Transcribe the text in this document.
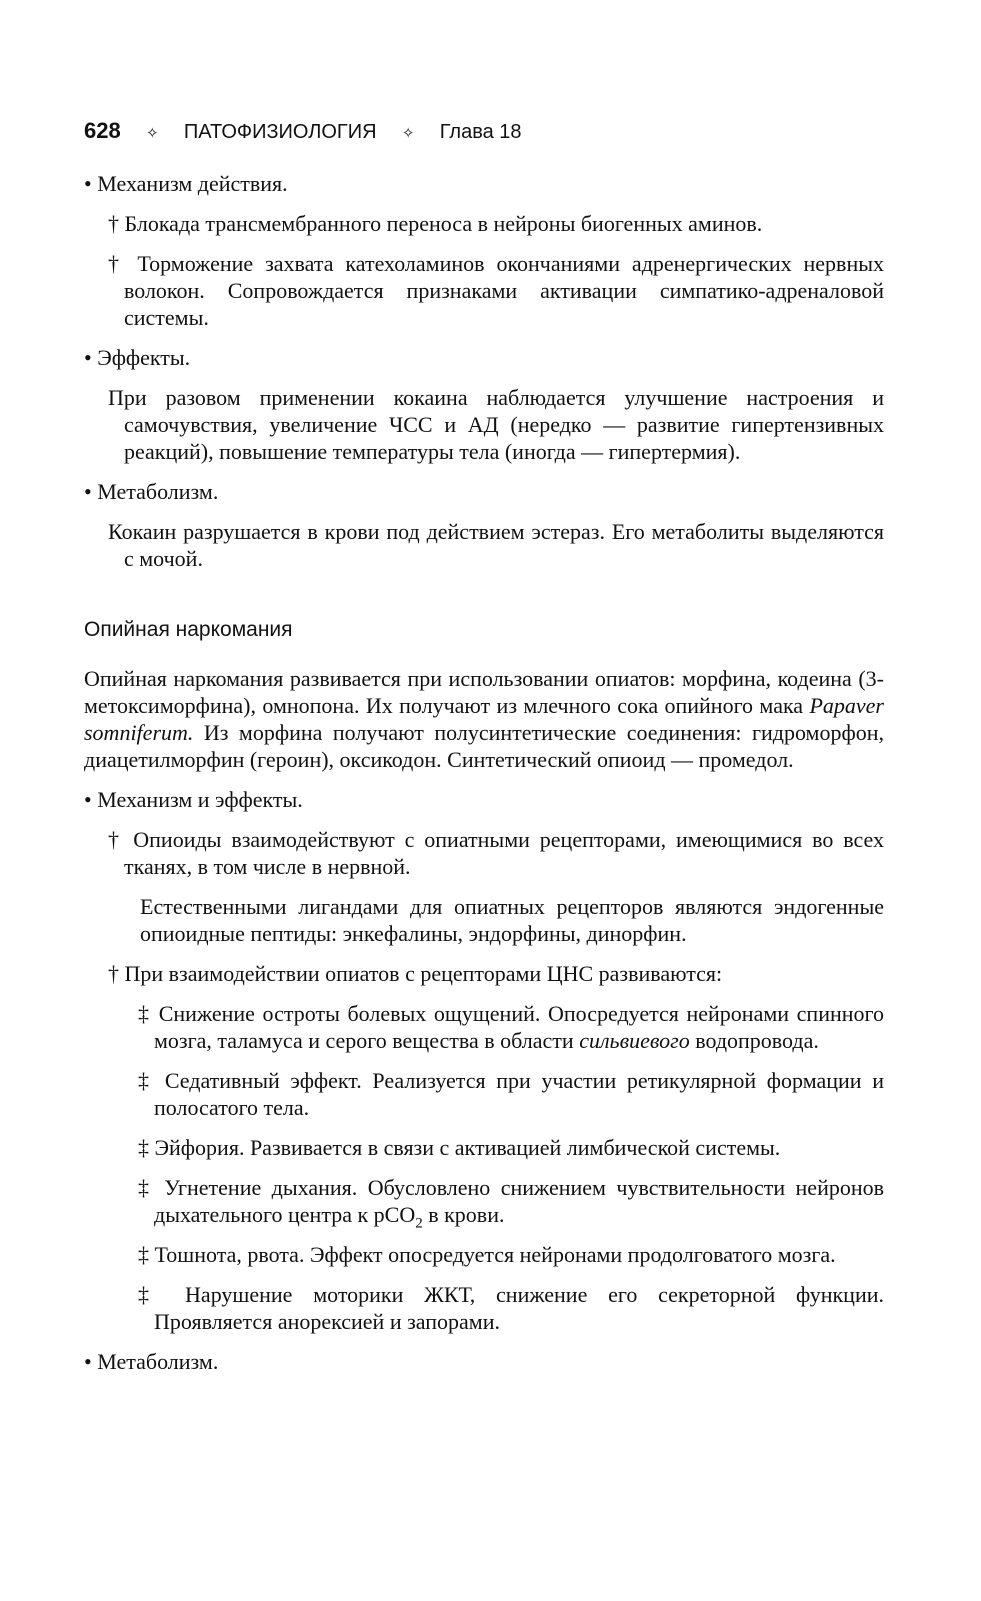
628 ✧ ПАТОФИЗИОЛОГИЯ ✧ Глава 18

• Механизм действия.

† Блокада трансмембранного переноса в нейроны биогенных аминов.

† Торможение захвата катехоламинов окончаниями адренергических нервных волокон. Сопровождается признаками активации симпатико-адреналовой системы.

• Эффекты.

При разовом применении кокаина наблюдается улучшение настроения и самочувствия, увеличение ЧСС и АД (нередко — развитие гипертензивных реакций), повышение температуры тела (иногда — гипертермия).

• Метаболизм.

Кокаин разрушается в крови под действием эстераз. Его метаболиты выделяются с мочой.

Опийная наркомания

Опийная наркомания развивается при использовании опиатов: морфина, кодеина (3-метоксиморфина), омнопона. Их получают из млечного сока опийного мака Papaver somniferum. Из морфина получают полусинтетические соединения: гидроморфон, диацетилморфин (героин), оксикодон. Синтетический опиоид — промедол.

• Механизм и эффекты.

† Опиоиды взаимодействуют с опиатными рецепторами, имеющимися во всех тканях, в том числе в нервной.

Естественными лигандами для опиатных рецепторов являются эндогенные опиоидные пептиды: энкефалины, эндорфины, динорфин.

† При взаимодействии опиатов с рецепторами ЦНС развиваются:

‡ Снижение остроты болевых ощущений. Опосредуется нейронами спинного мозга, таламуса и серого вещества в области сильвиевого водопровода.

‡ Седативный эффект. Реализуется при участии ретикулярной формации и полосатого тела.

‡ Эйфория. Развивается в связи с активацией лимбической системы.

‡ Угнетение дыхания. Обусловлено снижением чувствительности нейронов дыхательного центра к pCO$_2$ в крови.

‡ Тошнота, рвота. Эффект опосредуется нейронами продолговатого мозга.

‡ Нарушение моторики ЖКТ, снижение его секреторной функции. Проявляется анорексией и запорами.

• Метаболизм.
